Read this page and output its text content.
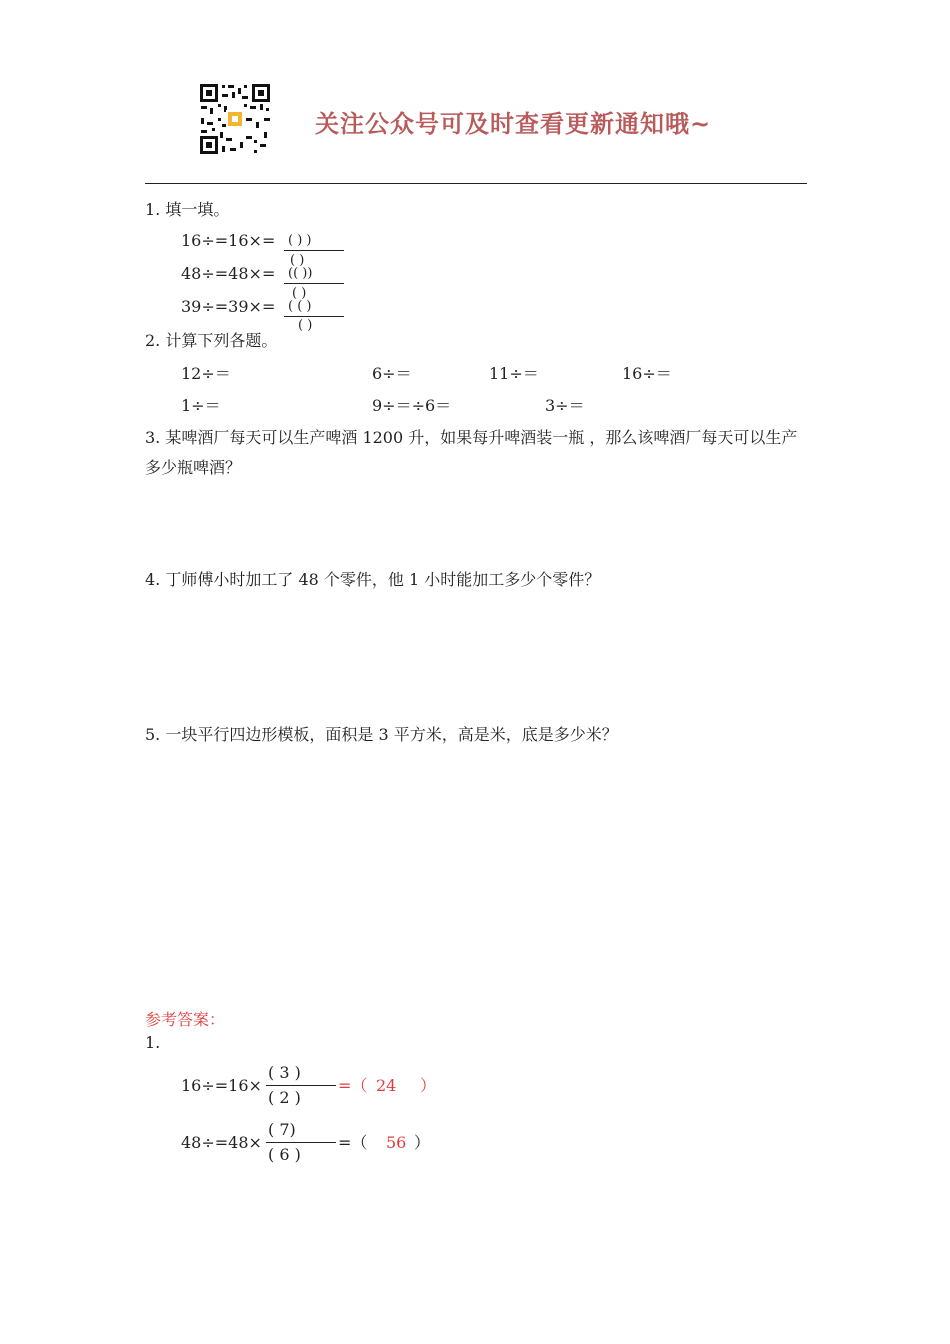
关注公众号可及时查看更新通知哦~
1. 填一填。
16÷=16×= ( ) )
( )
48÷=48×= (( ))
( )
39÷=39×= ( ( )
( )
2. 计算下列各题。
12÷＝	6÷＝	11÷＝	16÷＝
1÷＝	9÷＝÷6＝	3÷＝
3. 某啤酒厂每天可以生产啤酒 1200 升，如果每升啤酒装一瓶 ，那么该啤酒厂每天可以生产多少瓶啤酒？
4. 丁师傅小时加工了 48 个零件，他 1 小时能加工多少个零件？
5. 一块平行四边形模板，面积是 3 平方米，高是米，底是多少米？
参考答案：
1.
16÷=16×
( 3 )
( 2 )
=（ 24 ）
48÷=48×
( 7)
( 6 )
=（ 56 ）
